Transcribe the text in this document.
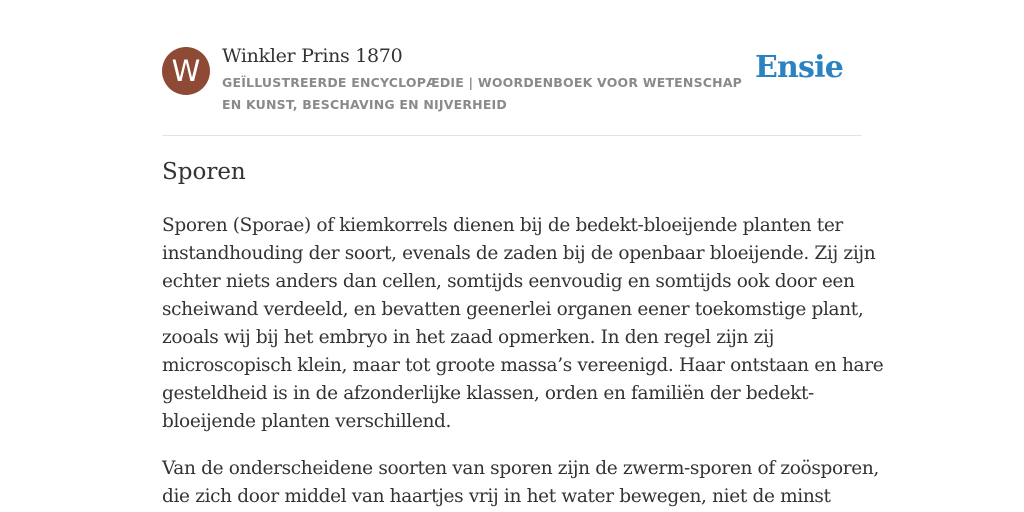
W	Winkler Prins 1870
GEÏLLUSTREERDE ENCYCLOPÆDIE | WOORDENBOEK VOOR WETENSCHAP EN KUNST, BESCHAVING EN NIJVERHEID
Ensie
Sporen

Sporen (Sporae) of kiemkorrels dienen bij de bedekt-bloeijende planten ter
instandhouding der soort, evenals de zaden bij de openbaar bloeijende. Zij zijn
echter niets anders dan cellen, somtijds eenvoudig en somtijds ook door een
scheiwand verdeeld, en bevatten geenerlei organen eener toekomstige plant,
zooals wij bij het embryo in het zaad opmerken. In den regel zijn zij
microscopisch klein, maar tot groote massa’s vereenigd. Haar ontstaan en hare
gesteldheid is in de afzonderlijke klassen, orden en familiën der bedekt-
bloeijende planten verschillend.

Van de onderscheidene soorten van sporen zijn de zwerm-sporen of zoösporen,
die zich door middel van haartjes vrij in het water bewegen, niet de minst
